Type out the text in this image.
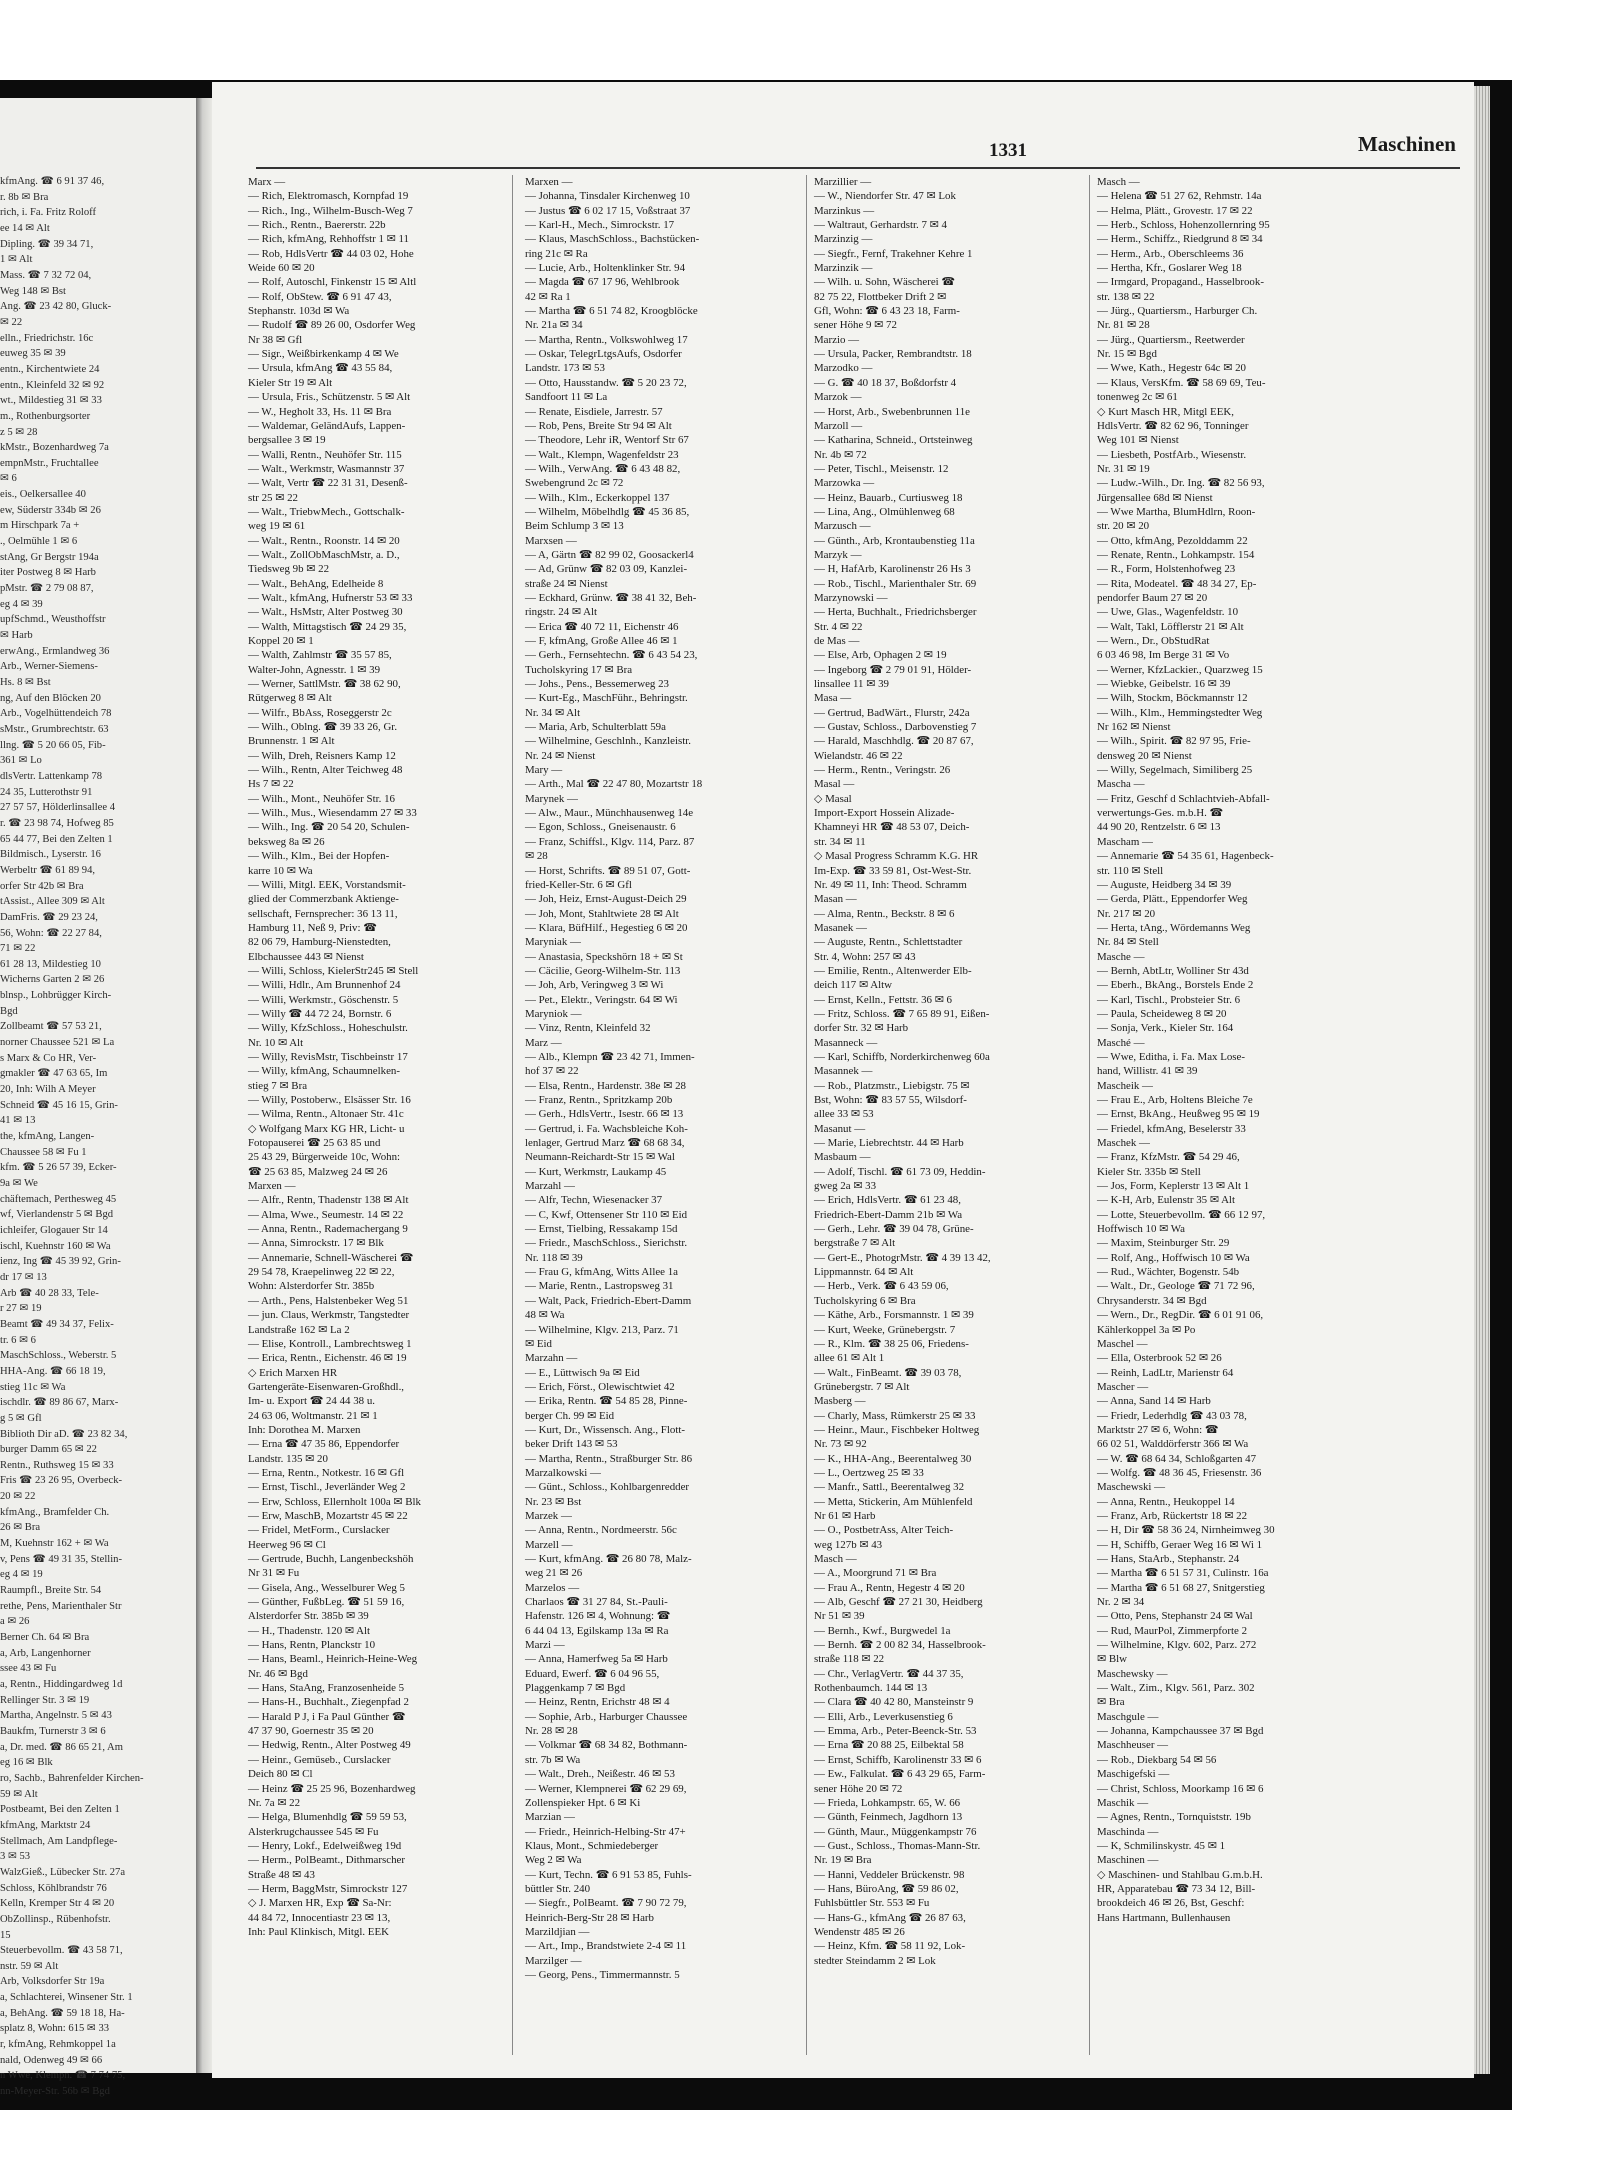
kfmAng. ☎ 6 91 37 46,
r. 8b ✉ Bra
rich, i. Fa. Fritz Roloff
ee 14 ✉ Alt
Dipling. ☎ 39 34 71,
1 ✉ Alt
Mass. ☎ 7 32 72 04,
Weg 148 ✉ Bst
Ang. ☎ 23 42 80, Gluck-
✉ 22
elln., Friedrichstr. 16c
euweg 35 ✉ 39
entn., Kirchentwiete 24
entn., Kleinfeld 32 ✉ 92
wt., Mildestieg 31 ✉ 33
m., Rothenburgsorter
z 5 ✉ 28
kMstr., Bozenhardweg 7a
empnMstr., Fruchtallee
✉ 6
eis., Oelkersallee 40
ew, Süderstr 334b ✉ 26
m Hirschpark 7a +
., Oelmühle 1 ✉ 6
stAng, Gr Bergstr 194a
iter Postweg 8 ✉ Harb
pMstr. ☎ 2 79 08 87,
eg 4 ✉ 39
upfSchmd., Weusthoffstr
✉ Harb
erwAng., Ermlandweg 36
Arb., Werner-Siemens-
Hs. 8 ✉ Bst
ng, Auf den Blöcken 20
Arb., Vogelhüttendeich 78
sMstr., Grumbrechtstr. 63
llng. ☎ 5 20 66 05, Fib-
361 ✉ Lo
dlsVertr. Lattenkamp 78
24 35, Lutterothstr 91
27 57 57, Hölderlinsallee 4
r. ☎ 23 98 74, Hofweg 85
65 44 77, Bei den Zelten 1
Bildmisch., Lyserstr. 16
Werbeltr ☎ 61 89 94,
orfer Str 42b ✉ Bra
tAssist., Allee 309 ✉ Alt
DamFris. ☎ 29 23 24,
56, Wohn: ☎ 22 27 84,
71 ✉ 22
61 28 13, Mildestieg 10
Wicherns Garten 2 ✉ 26
blnsp., Lohbrügger Kirch-
Bgd
Zollbeamt ☎ 57 53 21,
norner Chaussee 521 ✉ La
s Marx & Co HR, Ver-
gmakler ☎ 47 63 65, Im
20, Inh: Wilh A Meyer
Schneid ☎ 45 16 15, Grin-
41 ✉ 13
the, kfmAng, Langen-
Chaussee 58 ✉ Fu 1
kfm. ☎ 5 26 57 39, Ecker-
9a ✉ We
chäftemach, Perthesweg 45
wf, Vierlandenstr 5 ✉ Bgd
ichleifer, Glogauer Str 14
ischl, Kuehnstr 160 ✉ Wa
ienz, Ing ☎ 45 39 92, Grin-
dr 17 ✉ 13
Arb ☎ 40 28 33, Tele-
r 27 ✉ 19
Beamt ☎ 49 34 37, Felix-
tr. 6 ✉ 6
MaschSchloss., Weberstr. 5
HHA-Ang. ☎ 66 18 19,
stieg 11c ✉ Wa
ischdlr. ☎ 89 86 67, Marx-
g 5 ✉ Gfl
Biblioth Dir aD. ☎ 23 82 34,
burger Damm 65 ✉ 22
Rentn., Ruthsweg 15 ✉ 33
Fris ☎ 23 26 95, Overbeck-
20 ✉ 22
kfmAng., Bramfelder Ch.
26 ✉ Bra
M, Kuehnstr 162 + ✉ Wa
v, Pens ☎ 49 31 35, Stellin-
eg 4 ✉ 19
Raumpfl., Breite Str. 54
rethe, Pens, Marienthaler Str
a ✉ 26
Berner Ch. 64 ✉ Bra
a, Arb, Langenhorner
ssee 43 ✉ Fu
a, Rentn., Hiddingardweg 1d
Rellinger Str. 3 ✉ 19
Martha, Angelnstr. 5 ✉ 43
Baukfm, Turnerstr 3 ✉ 6
a, Dr. med. ☎ 86 65 21, Am
eg 16 ✉ Blk
ro, Sachb., Bahrenfelder Kirchen-
59 ✉ Alt
Postbeamt, Bei den Zelten 1
kfmAng, Marktstr 24
Stellmach, Am Landpflege-
3 ✉ 53
WalzGieß., Lübecker Str. 27a
Schloss, Köhlbrandstr 76
Kelln, Kremper Str 4 ✉ 20
ObZollinsp., Rübenhofstr.
15
Steuerbevollm. ☎ 43 58 71,
nstr. 59 ✉ Alt
Arb, Volksdorfer Str 19a
a, Schlachterei, Winsener Str. 1
a, BehAng. ☎ 59 18 18, Ha-
splatz 8, Wohn: 615 ✉ 33
r, kfmAng, Rehmkoppel 1a
nald, Odenweg 49 ✉ 66
n Wwe, Klempn. ☎ 7 74 75,
nn-Meyer-Str. 56b ✉ Bgd
1331	Maschinen
Marx —
— Rich, Elektromasch, Kornpfad 19
— Rich., Ing., Wilhelm-Busch-Weg 7
— Rich., Rentn., Baererstr. 22b
— Rich, kfmAng, Rehhoffstr 1 ✉ 11
— Rob, HdlsVertr ☎ 44 03 02, Hohe
Weide 60 ✉ 20
— Rolf, Autoschl, Finkenstr 15 ✉ Altl
— Rolf, ObStew. ☎ 6 91 47 43,
Stephanstr. 103d ✉ Wa
— Rudolf ☎ 89 26 00, Osdorfer Weg
Nr 38 ✉ Gfl
— Sigr., Weißbirkenkamp 4 ✉ We
— Ursula, kfmAng ☎ 43 55 84,
Kieler Str 19 ✉ Alt
— Ursula, Fris., Schützenstr. 5 ✉ Alt
— W., Hegholt 33, Hs. 11 ✉ Bra
— Waldemar, GeländAufs, Lappen-
bergsallee 3 ✉ 19
— Walli, Rentn., Neuhöfer Str. 115
— Walt., Werkmstr, Wasmannstr 37
— Walt, Vertr ☎ 22 31 31, Desenß-
str 25 ✉ 22
— Walt., TriebwMech., Gottschalk-
weg 19 ✉ 61
— Walt., Rentn., Roonstr. 14 ✉ 20
— Walt., ZollObMaschMstr, a. D.,
Tiedsweg 9b ✉ 22
— Walt., BehAng, Edelheide 8
— Walt., kfmAng, Hufnerstr 53 ✉ 33
— Walt., HsMstr, Alter Postweg 30
— Walth, Mittagstisch ☎ 24 29 35,
Koppel 20 ✉ 1
— Walth, Zahlmstr ☎ 35 57 85,
Walter-John, Agnesstr. 1 ✉ 39
— Werner, SattlMstr. ☎ 38 62 90,
Rütgerweg 8 ✉ Alt
— Wilfr., BbAss, Roseggerstr 2c
— Wilh., Oblng. ☎ 39 33 26, Gr.
Brunnenstr. 1 ✉ Alt
— Wilh, Dreh, Reisners Kamp 12
— Wilh., Rentn, Alter Teichweg 48
Hs 7 ✉ 22
— Wilh., Mont., Neuhöfer Str. 16
— Wilh., Mus., Wiesendamm 27 ✉ 33
— Wilh., Ing. ☎ 20 54 20, Schulen-
beksweg 8a ✉ 26
— Wilh., Klm., Bei der Hopfen-
karre 10 ✉ Wa
— Willi, Mitgl. EEK, Vorstandsmit-
glied der Commerzbank Aktienge-
sellschaft, Fernsprecher: 36 13 11,
Hamburg 11, Neß 9, Priv: ☎
82 06 79, Hamburg-Nienstedten,
Elbchaussee 443 ✉ Nienst
— Willi, Schloss, KielerStr245 ✉ Stell
— Willi, Hdlr., Am Brunnenhof 24
— Willi, Werkmstr., Göschenstr. 5
— Willy ☎ 44 72 24, Bornstr. 6
— Willy, KfzSchloss., Hoheschulstr.
Nr. 10 ✉ Alt
— Willy, RevisMstr, Tischbeinstr 17
— Willy, kfmAng, Schaumnelken-
stieg 7 ✉ Bra
— Willy, Postoberw., Elsässer Str. 16
— Wilma, Rentn., Altonaer Str. 41c
◇ Wolfgang Marx KG HR, Licht- u
Fotopauserei ☎ 25 63 85 und
25 43 29, Bürgerweide 10c, Wohn:
☎ 25 63 85, Malzweg 24 ✉ 26
Marxen —
— Alfr., Rentn, Thadenstr 138 ✉ Alt
— Alma, Wwe., Seumestr. 14 ✉ 22
— Anna, Rentn., Rademachergang 9
— Anna, Simrockstr. 17 ✉ Blk
— Annemarie, Schnell-Wäscherei ☎
29 54 78, Kraepelinweg 22 ✉ 22,
Wohn: Alsterdorfer Str. 385b
— Arth., Pens, Halstenbeker Weg 51
— jun. Claus, Werkmstr, Tangstedter
Landstraße 162 ✉ La 2
— Elise, Kontroll., Lambrechtsweg 1
— Erica, Rentn., Eichenstr. 46 ✉ 19
◇ Erich Marxen HR
Gartengeräte-Eisenwaren-Großhdl.,
Im- u. Export ☎ 24 44 38 u.
24 63 06, Woltmanstr. 21 ✉ 1
Inh: Dorothea M. Marxen
— Erna ☎ 47 35 86, Eppendorfer
Landstr. 135 ✉ 20
— Erna, Rentn., Notkestr. 16 ✉ Gfl
— Ernst, Tischl., Jeverländer Weg 2
— Erw, Schloss, Ellernholt 100a ✉ Blk
— Erw, MaschB, Mozartstr 45 ✉ 22
— Fridel, MetForm., Curslacker
Heerweg 96 ✉ Cl
— Gertrude, Buchh, Langenbeckshöh
Nr 31 ✉ Fu
— Gisela, Ang., Wesselburer Weg 5
— Günther, FußbLeg. ☎ 51 59 16,
Alsterdorfer Str. 385b ✉ 39
— H., Thadenstr. 120 ✉ Alt
— Hans, Rentn, Planckstr 10
— Hans, Beaml., Heinrich-Heine-Weg
Nr. 46 ✉ Bgd
— Hans, StaAng, Franzosenheide 5
— Hans-H., Buchhalt., Ziegenpfad 2
— Harald P J, i Fa Paul Günther ☎
47 37 90, Goernestr 35 ✉ 20
— Hedwig, Rentn., Alter Postweg 49
— Heinr., Gemüseb., Curslacker
Deich 80 ✉ Cl
— Heinz ☎ 25 25 96, Bozenhardweg
Nr. 7a ✉ 22
— Helga, Blumenhdlg ☎ 59 59 53,
Alsterkrugchaussee 545 ✉ Fu
— Henry, Lokf., Edelweißweg 19d
— Herm., PolBeamt., Dithmarscher
Straße 48 ✉ 43
— Herm, BaggMstr, Simrockstr 127
◇ J. Marxen HR, Exp ☎ Sa-Nr:
44 84 72, Innocentiastr 23 ✉ 13,
Inh: Paul Klinkisch, Mitgl. EEK
Marxen —
— Johanna, Tinsdaler Kirchenweg 10
— Justus ☎ 6 02 17 15, Voßstraat 37
— Karl-H., Mech., Simrockstr. 17
— Klaus, MaschSchloss., Bachstücken-
ring 21c ✉ Ra
— Lucie, Arb., Holtenklinker Str. 94
— Magda ☎ 67 17 96, Wehlbrook
42 ✉ Ra 1
— Martha ☎ 6 51 74 82, Kroogblöcke
Nr. 21a ✉ 34
— Martha, Rentn., Volkswohlweg 17
— Oskar, TelegrLtgsAufs, Osdorfer
Landstr. 173 ✉ 53
— Otto, Hausstandw. ☎ 5 20 23 72,
Sandfoort 11 ✉ La
— Renate, Eisdiele, Jarrestr. 57
— Rob, Pens, Breite Str 94 ✉ Alt
— Theodore, Lehr iR, Wentorf Str 67
— Walt., Klempn, Wagenfeldstr 23
— Wilh., VerwAng. ☎ 6 43 48 82,
Swebengrund 2c ✉ 72
— Wilh., Klm., Eckerkoppel 137
— Wilhelm, Möbelhdlg ☎ 45 36 85,
Beim Schlump 3 ✉ 13
Marxsen —
— A, Gärtn ☎ 82 99 02, Goosackerl4
— Ad, Grünw ☎ 82 03 09, Kanzlei-
straße 24 ✉ Nienst
— Eckhard, Grünw. ☎ 38 41 32, Beh-
ringstr. 24 ✉ Alt
— Erica ☎ 40 72 11, Eichenstr 46
— F, kfmAng, Große Allee 46 ✉ 1
— Gerh., Fernsehtechn. ☎ 6 43 54 23,
Tucholskyring 17 ✉ Bra
— Johs., Pens., Bessemerweg 23
— Kurt-Eg., MaschFühr., Behringstr.
Nr. 34 ✉ Alt
— Maria, Arb, Schulterblatt 59a
— Wilhelmine, Geschlnh., Kanzleistr.
Nr. 24 ✉ Nienst
Mary —
— Arth., Mal ☎ 22 47 80, Mozartstr 18
Marynek —
— Alw., Maur., Münchhausenweg 14e
— Egon, Schloss., Gneisenaustr. 6
— Franz, Schiffsl., Klgv. 114, Parz. 87
✉ 28
— Horst, Schrifts. ☎ 89 51 07, Gott-
fried-Keller-Str. 6 ✉ Gfl
— Joh, Heiz, Ernst-August-Deich 29
— Joh, Mont, Stahltwiete 28 ✉ Alt
— Klara, BüfHilf., Hegestieg 6 ✉ 20
Maryniak —
— Anastasia, Speckshörn 18 + ✉ St
— Cäcilie, Georg-Wilhelm-Str. 113
— Joh, Arb, Veringweg 3 ✉ Wi
— Pet., Elektr., Veringstr. 64 ✉ Wi
Maryniok —
— Vinz, Rentn, Kleinfeld 32
Marz —
— Alb., Klempn ☎ 23 42 71, Immen-
hof 37 ✉ 22
— Elsa, Rentn., Hardenstr. 38e ✉ 28
— Franz, Rentn., Spritzkamp 20b
— Gerh., HdlsVertr., Isestr. 66 ✉ 13
— Gertrud, i. Fa. Wachsbleiche Koh-
lenlager, Gertrud Marz ☎ 68 68 34,
Neumann-Reichardt-Str 15 ✉ Wal
— Kurt, Werkmstr, Laukamp 45
Marzahl —
— Alfr, Techn, Wiesenacker 37
— C, Kwf, Ottensener Str 110 ✉ Eid
— Ernst, Tielbing, Ressakamp 15d
— Friedr., MaschSchloss., Sierichstr.
Nr. 118 ✉ 39
— Frau G, kfmAng, Witts Allee 1a
— Marie, Rentn., Lastropsweg 31
— Walt, Pack, Friedrich-Ebert-Damm
48 ✉ Wa
— Wilhelmine, Klgv. 213, Parz. 71
✉ Eid
Marzahn —
— E., Lüttwisch 9a ✉ Eid
— Erich, Först., Olewischtwiet 42
— Erika, Rentn. ☎ 54 85 28, Pinne-
berger Ch. 99 ✉ Eid
— Kurt, Dr., Wissensch. Ang., Flott-
beker Drift 143 ✉ 53
— Martha, Rentn., Straßburger Str. 86
Marzalkowski —
— Günt., Schloss., Kohlbargenredder
Nr. 23 ✉ Bst
Marzek —
— Anna, Rentn., Nordmeerstr. 56c
Marzell —
— Kurt, kfmAng. ☎ 26 80 78, Malz-
weg 21 ✉ 26
Marzelos —
Charlaos ☎ 31 27 84, St.-Pauli-
Hafenstr. 126 ✉ 4, Wohnung: ☎
6 44 04 13, Egilskamp 13a ✉ Ra
Marzi —
— Anna, Hamerfweg 5a ✉ Harb
Eduard, Ewerf. ☎ 6 04 96 55,
Plaggenkamp 7 ✉ Bgd
— Heinz, Rentn, Erichstr 48 ✉ 4
— Sophie, Arb., Harburger Chaussee
Nr. 28 ✉ 28
— Volkmar ☎ 68 34 82, Bothmann-
str. 7b ✉ Wa
— Walt., Dreh., Neißestr. 46 ✉ 53
— Werner, Klempnerei ☎ 62 29 69,
Zollenspieker Hpt. 6 ✉ Ki
Marzian —
— Friedr., Heinrich-Helbing-Str 47+
Klaus, Mont., Schmiedeberger
Weg 2 ✉ Wa
— Kurt, Techn. ☎ 6 91 53 85, Fuhls-
büttler Str. 240
— Siegfr., PolBeamt. ☎ 7 90 72 79,
Heinrich-Berg-Str 28 ✉ Harb
Marzildjian —
— Art., Imp., Brandstwiete 2-4 ✉ 11
Marzilger —
— Georg, Pens., Timmermannstr. 5
Marzillier —
— W., Niendorfer Str. 47 ✉ Lok
Marzinkus —
— Waltraut, Gerhardstr. 7 ✉ 4
Marzinzig —
— Siegfr., Fernf, Trakehner Kehre 1
Marzinzik —
— Wilh. u. Sohn, Wäscherei ☎
82 75 22, Flottbeker Drift 2 ✉
Gfl, Wohn: ☎ 6 43 23 18, Farm-
sener Höhe 9 ✉ 72
Marzio —
— Ursula, Packer, Rembrandtstr. 18
Marzodko —
— G. ☎ 40 18 37, Boßdorfstr 4
Marzok —
— Horst, Arb., Swebenbrunnen 11e
Marzoll —
— Katharina, Schneid., Ortsteinweg
Nr. 4b ✉ 72
— Peter, Tischl., Meisenstr. 12
Marzowka —
— Heinz, Bauarb., Curtiusweg 18
— Lina, Ang., Olmühlenweg 68
Marzusch —
— Günth., Arb, Krontaubenstieg 11a
Marzyk —
— H, HafArb, Karolinenstr 26 Hs 3
— Rob., Tischl., Marienthaler Str. 69
Marzynowski —
— Herta, Buchhalt., Friedrichsberger
Str. 4 ✉ 22
de Mas —
— Else, Arb, Ophagen 2 ✉ 19
— Ingeborg ☎ 2 79 01 91, Hölder-
linsallee 11 ✉ 39
Masa —
— Gertrud, BadWärt., Flurstr, 242a
— Gustav, Schloss., Darbovenstieg 7
— Harald, Maschhdlg. ☎ 20 87 67,
Wielandstr. 46 ✉ 22
— Herm., Rentn., Veringstr. 26
Masal —
◇ Masal
Import-Export Hossein Alizade-
Khamneyi HR ☎ 48 53 07, Deich-
str. 34 ✉ 11
◇ Masal Progress Schramm K.G. HR
Im-Exp. ☎ 33 59 81, Ost-West-Str.
Nr. 49 ✉ 11, Inh: Theod. Schramm
Masan —
— Alma, Rentn., Beckstr. 8 ✉ 6
Masanek —
— Auguste, Rentn., Schlettstadter
Str. 4, Wohn: 257 ✉ 43
— Emilie, Rentn., Altenwerder Elb-
deich 117 ✉ Altw
— Ernst, Kelln., Fettstr. 36 ✉ 6
— Fritz, Schloss. ☎ 7 65 89 91, Eißen-
dorfer Str. 32 ✉ Harb
Masanneck —
— Karl, Schiffb, Norderkirchenweg 60a
Masannek —
— Rob., Platzmstr., Liebigstr. 75 ✉
Bst, Wohn: ☎ 83 57 55, Wilsdorf-
allee 33 ✉ 53
Masanut —
— Marie, Liebrechtstr. 44 ✉ Harb
Masbaum —
— Adolf, Tischl. ☎ 61 73 09, Heddin-
gweg 2a ✉ 33
— Erich, HdlsVertr. ☎ 61 23 48,
Friedrich-Ebert-Damm 21b ✉ Wa
— Gerh., Lehr. ☎ 39 04 78, Grüne-
bergstraße 7 ✉ Alt
— Gert-E., PhotogrMstr. ☎ 4 39 13 42,
Lippmannstr. 64 ✉ Alt
— Herb., Verk. ☎ 6 43 59 06,
Tucholskyring 6 ✉ Bra
— Käthe, Arb., Forsmannstr. 1 ✉ 39
— Kurt, Weeke, Grünebergstr. 7
— R., Klm. ☎ 38 25 06, Friedens-
allee 61 ✉ Alt 1
— Walt., FinBeamt. ☎ 39 03 78,
Grünebergstr. 7 ✉ Alt
Masberg —
— Charly, Mass, Rümkerstr 25 ✉ 33
— Heinr., Maur., Fischbeker Holtweg
Nr. 73 ✉ 92
— K., HHA-Ang., Beerentalweg 30
— L., Oertzweg 25 ✉ 33
— Manfr., Sattl., Beerentalweg 32
— Metta, Stickerin, Am Mühlenfeld
Nr 61 ✉ Harb
— O., PostbetrAss, Alter Teich-
weg 127b ✉ 43
Masch —
— A., Moorgrund 71 ✉ Bra
— Frau A., Rentn, Hegestr 4 ✉ 20
— Alb, Geschf ☎ 27 21 30, Heidberg
Nr 51 ✉ 39
— Bernh., Kwf., Burgwedel 1a
— Bernh. ☎ 2 00 82 34, Hasselbrook-
straße 118 ✉ 22
— Chr., VerlagVertr. ☎ 44 37 35,
Rothenbaumch. 144 ✉ 13
— Clara ☎ 40 42 80, Mansteinstr 9
— Elli, Arb., Leverkusenstieg 6
— Emma, Arb., Peter-Beenck-Str. 53
— Erna ☎ 20 88 25, Eilbektal 58
— Ernst, Schiffb, Karolinenstr 33 ✉ 6
— Ew., Falkulat. ☎ 6 43 29 65, Farm-
sener Höhe 20 ✉ 72
— Frieda, Lohkampstr. 65, W. 66
— Günth, Feinmech, Jagdhorn 13
— Günth, Maur., Müggenkampstr 76
— Gust., Schloss., Thomas-Mann-Str.
Nr. 19 ✉ Bra
— Hanni, Veddeler Brückenstr. 98
— Hans, BüroAng, ☎ 59 86 02,
Fuhlsbüttler Str. 553 ✉ Fu
— Hans-G., kfmAng ☎ 26 87 63,
Wendenstr 485 ✉ 26
— Heinz, Kfm. ☎ 58 11 92, Lok-
stedter Steindamm 2 ✉ Lok
Masch —
— Helena ☎ 51 27 62, Rehmstr. 14a
— Helma, Plätt., Grovestr. 17 ✉ 22
— Herb., Schloss, Hohenzollernring 95
— Herm., Schiffz., Riedgrund 8 ✉ 34
— Herm., Arb., Oberschleems 36
— Hertha, Kfr., Goslarer Weg 18
— Irmgard, Propagand., Hasselbrook-
str. 138 ✉ 22
— Jürg., Quartiersm., Harburger Ch.
Nr. 81 ✉ 28
— Jürg., Quartiersm., Reetwerder
Nr. 15 ✉ Bgd
— Wwe, Kath., Hegestr 64c ✉ 20
— Klaus, VersKfm. ☎ 58 69 69, Teu-
tonenweg 2c ✉ 61
◇ Kurt Masch HR, Mitgl EEK,
HdlsVertr. ☎ 82 62 96, Tonninger
Weg 101 ✉ Nienst
— Liesbeth, PostfArb., Wiesenstr.
Nr. 31 ✉ 19
— Ludw.-Wilh., Dr. Ing. ☎ 82 56 93,
Jürgensallee 68d ✉ Nienst
— Wwe Martha, BlumHdlrn, Roon-
str. 20 ✉ 20
— Otto, kfmAng, Pezolddamm 22
— Renate, Rentn., Lohkampstr. 154
— R., Form, Holstenhofweg 23
— Rita, Modeatel. ☎ 48 34 27, Ep-
pendorfer Baum 27 ✉ 20
— Uwe, Glas., Wagenfeldstr. 10
— Walt, Takl, Löfflerstr 21 ✉ Alt
— Wern., Dr., ObStudRat
6 03 46 98, Im Berge 31 ✉ Vo
— Werner, KfzLackier., Quarzweg 15
— Wiebke, Geibelstr. 16 ✉ 39
— Wilh, Stockm, Böckmannstr 12
— Wilh., Klm., Hemmingstedter Weg
Nr 162 ✉ Nienst
— Wilh., Spirit. ☎ 82 97 95, Frie-
densweg 20 ✉ Nienst
— Willy, Segelmach, Similiberg 25
Mascha —
— Fritz, Geschf d Schlachtvieh-Abfall-
verwertungs-Ges. m.b.H. ☎
44 90 20, Rentzelstr. 6 ✉ 13
Mascham —
— Annemarie ☎ 54 35 61, Hagenbeck-
str. 110 ✉ Stell
— Auguste, Heidberg 34 ✉ 39
— Gerda, Plätt., Eppendorfer Weg
Nr. 217 ✉ 20
— Herta, tAng., Wördemanns Weg
Nr. 84 ✉ Stell
Masche —
— Bernh, AbtLtr, Wolliner Str 43d
— Eberh., BkAng., Borstels Ende 2
— Karl, Tischl., Probsteier Str. 6
— Paula, Scheideweg 8 ✉ 20
— Sonja, Verk., Kieler Str. 164
Masché —
— Wwe, Editha, i. Fa. Max Lose-
hand, Willistr. 41 ✉ 39
Mascheik —
— Frau E., Arb, Holtens Bleiche 7e
— Ernst, BkAng., Heußweg 95 ✉ 19
— Friedel, kfmAng, Beselerstr 33
Maschek —
— Franz, KfzMstr. ☎ 54 29 46,
Kieler Str. 335b ✉ Stell
— Jos, Form, Keplerstr 13 ✉ Alt 1
— K-H, Arb, Eulenstr 35 ✉ Alt
— Lotte, Steuerbevollm. ☎ 66 12 97,
Hoffwisch 10 ✉ Wa
— Maxim, Steinburger Str. 29
— Rolf, Ang., Hoffwisch 10 ✉ Wa
— Rud., Wächter, Bogenstr. 54b
— Walt., Dr., Geologe ☎ 71 72 96,
Chrysanderstr. 34 ✉ Bgd
— Wern., Dr., RegDir. ☎ 6 01 91 06,
Kählerkoppel 3a ✉ Po
Maschel —
— Ella, Osterbrook 52 ✉ 26
— Reinh, LadLtr, Marienstr 64
Mascher —
— Anna, Sand 14 ✉ Harb
— Friedr, Lederhdlg ☎ 43 03 78,
Marktstr 27 ✉ 6, Wohn: ☎
66 02 51, Walddörferstr 366 ✉ Wa
— W. ☎ 68 64 34, Schloßgarten 47
— Wolfg. ☎ 48 36 45, Friesenstr. 36
Maschewski —
— Anna, Rentn., Heukoppel 14
— Franz, Arb, Rückertstr 18 ✉ 22
— H, Dir ☎ 58 36 24, Nirnheimweg 30
— H, Schiffb, Geraer Weg 16 ✉ Wi 1
— Hans, StaArb., Stephanstr. 24
— Martha ☎ 6 51 57 31, Culinstr. 16a
— Martha ☎ 6 51 68 27, Snitgerstieg
Nr. 2 ✉ 34
— Otto, Pens, Stephanstr 24 ✉ Wal
— Rud, MaurPol, Zimmerpforte 2
— Wilhelmine, Klgv. 602, Parz. 272
✉ Blw
Maschewsky —
— Walt., Zim., Klgv. 561, Parz. 302
✉ Bra
Maschgule —
— Johanna, Kampchaussee 37 ✉ Bgd
Maschheuser —
— Rob., Diekbarg 54 ✉ 56
Maschigefski —
— Christ, Schloss, Moorkamp 16 ✉ 6
Maschik —
— Agnes, Rentn., Tornquiststr. 19b
Maschinda —
— K, Schmilinskystr. 45 ✉ 1
Maschinen —
◇ Maschinen- und Stahlbau G.m.b.H.
HR, Apparatebau ☎ 73 34 12, Bill-
brookdeich 46 ✉ 26, Bst, Geschf:
Hans Hartmann, Bullenhausen
